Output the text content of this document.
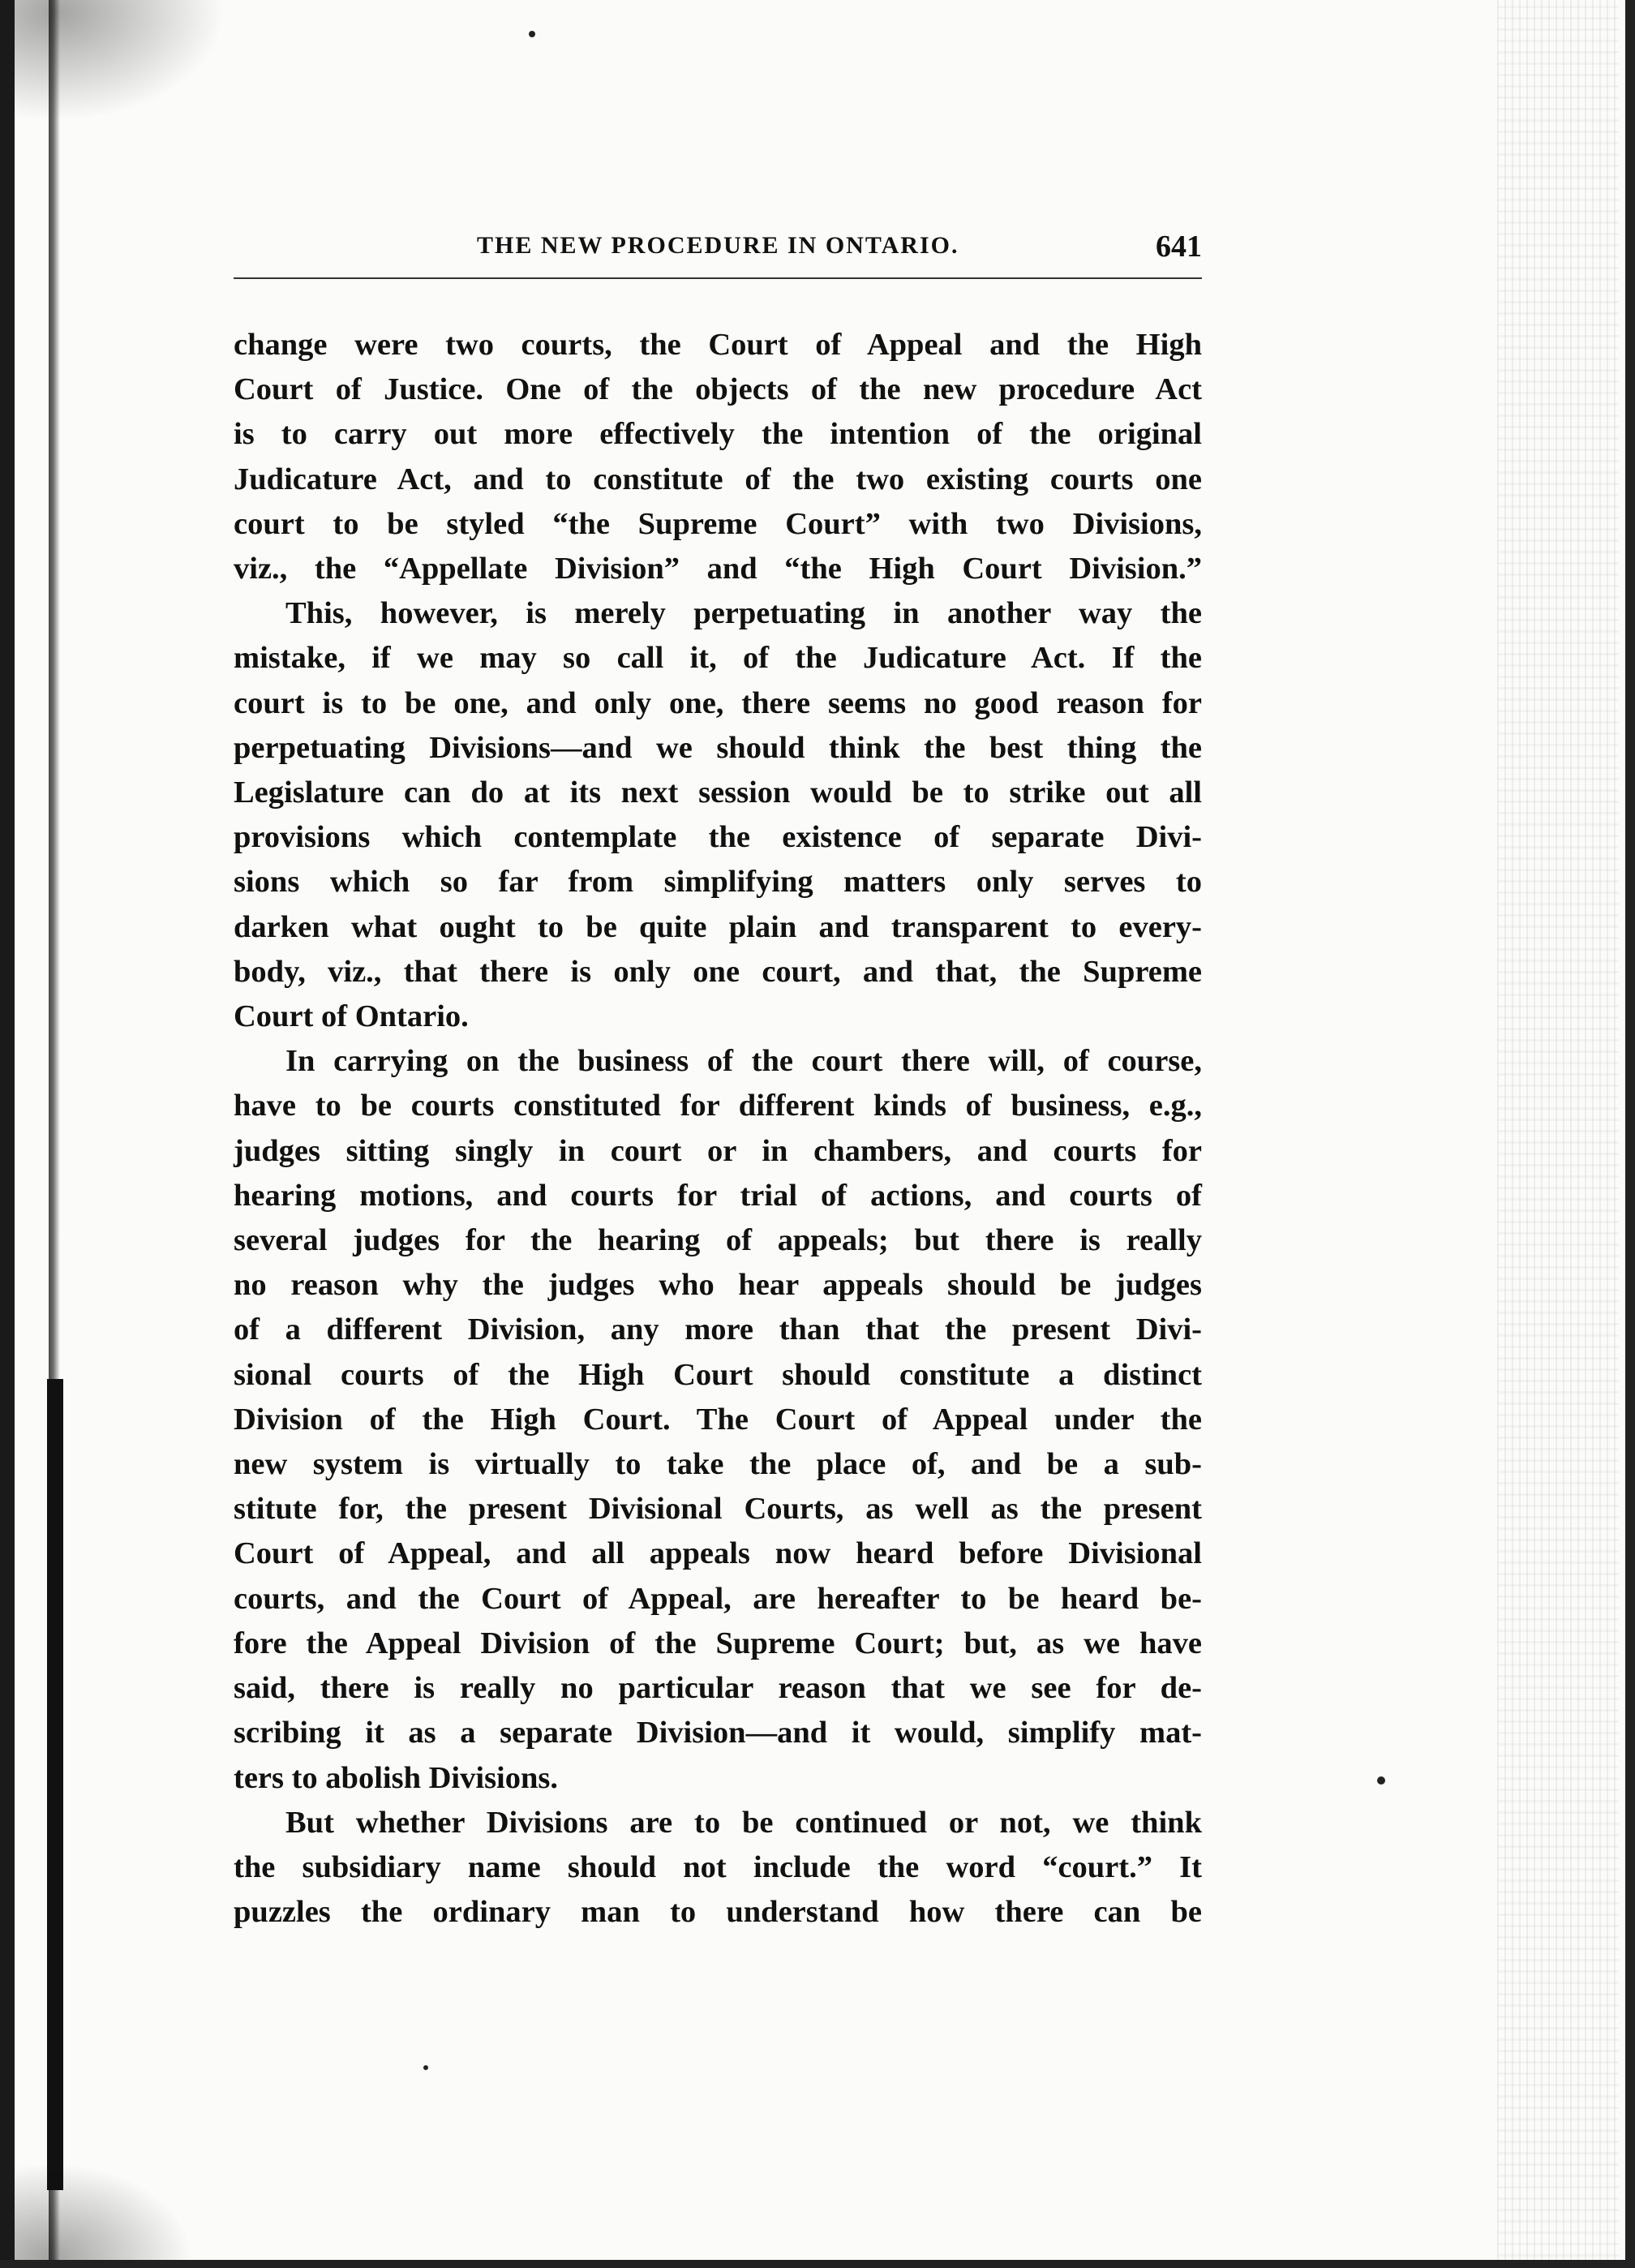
THE NEW PROCEDURE IN ONTARIO.	641
change were two courts, the Court of Appeal and the High
Court of Justice. One of the objects of the new procedure Act
is to carry out more effectively the intention of the original
Judicature Act, and to constitute of the two existing courts one
court to be styled “the Supreme Court” with two Divisions,
viz., the “Appellate Division” and “the High Court Division.”
This, however, is merely perpetuating in another way the
mistake, if we may so call it, of the Judicature Act. If the
court is to be one, and only one, there seems no good reason for
perpetuating Divisions—and we should think the best thing the
Legislature can do at its next session would be to strike out all
provisions which contemplate the existence of separate Divi-
sions which so far from simplifying matters only serves to
darken what ought to be quite plain and transparent to every-
body, viz., that there is only one court, and that, the Supreme
Court of Ontario.
In carrying on the business of the court there will, of course,
have to be courts constituted for different kinds of business, e.g.,
judges sitting singly in court or in chambers, and courts for
hearing motions, and courts for trial of actions, and courts of
several judges for the hearing of appeals; but there is really
no reason why the judges who hear appeals should be judges
of a different Division, any more than that the present Divi-
sional courts of the High Court should constitute a distinct
Division of the High Court. The Court of Appeal under the
new system is virtually to take the place of, and be a sub-
stitute for, the present Divisional Courts, as well as the present
Court of Appeal, and all appeals now heard before Divisional
courts, and the Court of Appeal, are hereafter to be heard be-
fore the Appeal Division of the Supreme Court; but, as we have
said, there is really no particular reason that we see for de-
scribing it as a separate Division—and it would, simplify mat-
ters to abolish Divisions.
But whether Divisions are to be continued or not, we think
the subsidiary name should not include the word “court.” It
puzzles the ordinary man to understand how there can be
